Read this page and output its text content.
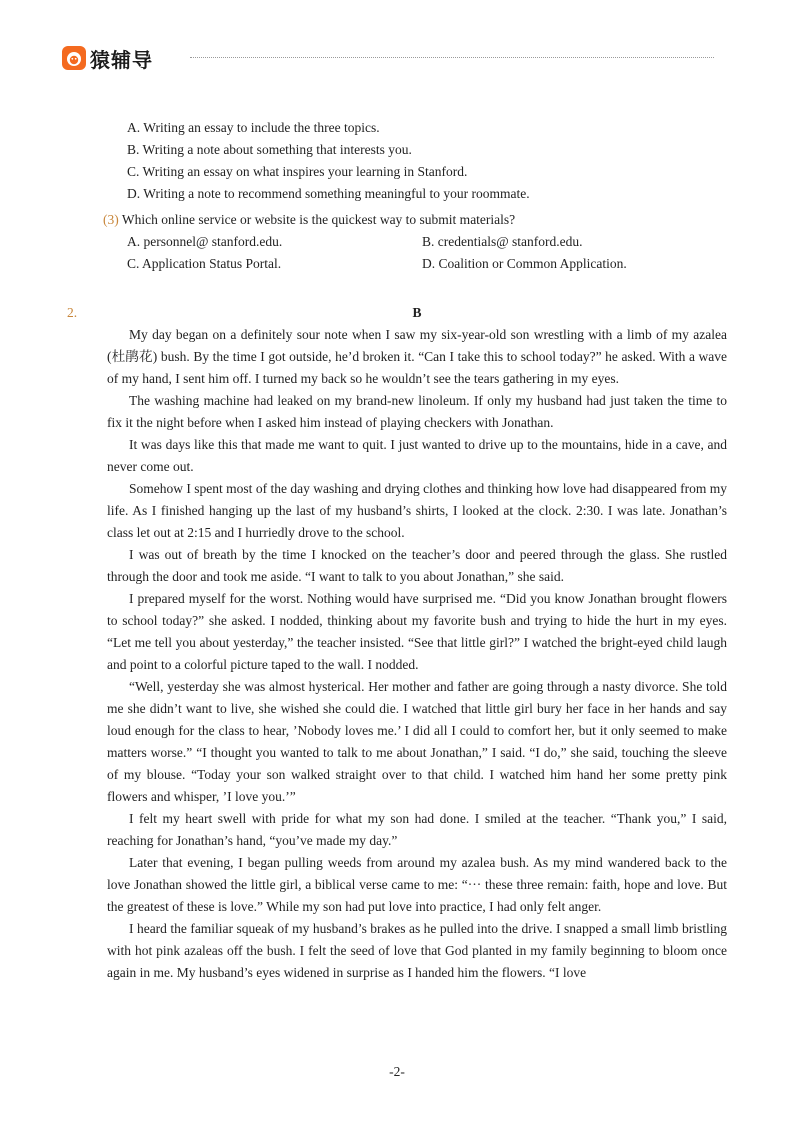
猿辅导
A. Writing an essay to include the three topics.
B. Writing a note about something that interests you.
C. Writing an essay on what inspires your learning in Stanford.
D. Writing a note to recommend something meaningful to your roommate.
(3) Which online service or website is the quickest way to submit materials?
A. personnel@ stanford.edu.	B. credentials@ stanford.edu.
C. Application Status Portal.	D. Coalition or Common Application.
2.	B

My day began on a definitely sour note when I saw my six-year-old son wrestling with a limb of my azalea (杜鹃花) bush. By the time I got outside, he’d broken it. “Can I take this to school today?” he asked. With a wave of my hand, I sent him off. I turned my back so he wouldn’t see the tears gathering in my eyes.

The washing machine had leaked on my brand-new linoleum. If only my husband had just taken the time to fix it the night before when I asked him instead of playing checkers with Jonathan.

It was days like this that made me want to quit. I just wanted to drive up to the mountains, hide in a cave, and never come out.

Somehow I spent most of the day washing and drying clothes and thinking how love had disappeared from my life. As I finished hanging up the last of my husband’s shirts, I looked at the clock. 2:30. I was late. Jonathan’s class let out at 2:15 and I hurriedly drove to the school.

I was out of breath by the time I knocked on the teacher’s door and peered through the glass. She rustled through the door and took me aside. “I want to talk to you about Jonathan,” she said.

I prepared myself for the worst. Nothing would have surprised me. “Did you know Jonathan brought flowers to school today?” she asked. I nodded, thinking about my favorite bush and trying to hide the hurt in my eyes. “Let me tell you about yesterday,” the teacher insisted. “See that little girl?” I watched the bright-eyed child laugh and point to a colorful picture taped to the wall. I nodded.

“Well, yesterday she was almost hysterical. Her mother and father are going through a nasty divorce. She told me she didn’t want to live, she wished she could die. I watched that little girl bury her face in her hands and say loud enough for the class to hear, ’Nobody loves me.’ I did all I could to comfort her, but it only seemed to make matters worse.” “I thought you wanted to talk to me about Jonathan,” I said. “I do,” she said, touching the sleeve of my blouse. “Today your son walked straight over to that child. I watched him hand her some pretty pink flowers and whisper, ’I love you.’”

I felt my heart swell with pride for what my son had done. I smiled at the teacher. “Thank you,” I said, reaching for Jonathan’s hand, “you’ve made my day.”

Later that evening, I began pulling weeds from around my azalea bush. As my mind wandered back to the love Jonathan showed the little girl, a biblical verse came to me: “··· these three remain: faith, hope and love. But the greatest of these is love.” While my son had put love into practice, I had only felt anger.

I heard the familiar squeak of my husband’s brakes as he pulled into the drive. I snapped a small limb bristling with hot pink azaleas off the bush. I felt the seed of love that God planted in my family beginning to bloom once again in me. My husband’s eyes widened in surprise as I handed him the flowers. “I love

-2-
